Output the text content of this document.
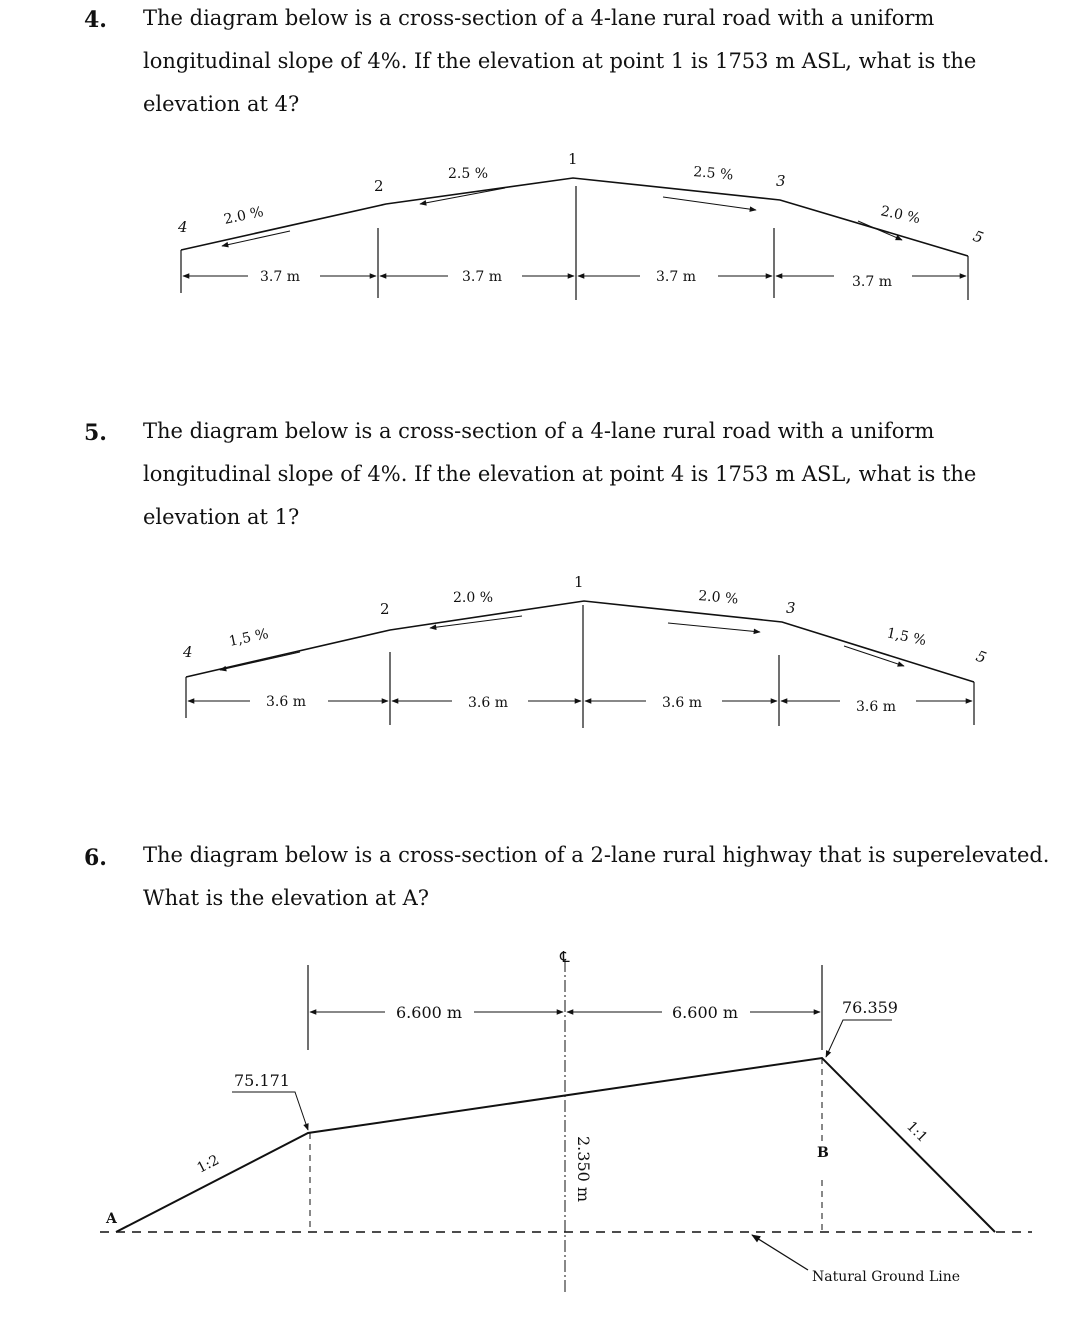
4. The diagram below is a cross-section of a 4-lane rural road with a uniform longitudinal slope of 4%. If the elevation at point 1 is 1753 m ASL, what is the elevation at 4?
4
2
1
3
5
2.0 %
2.5 %	2.5 %
2.0 %
3.7 m	3.7 m	3.7 m	3.7 m
5. The diagram below is a cross-section of a 4-lane rural road with a uniform longitudinal slope of 4%. If the elevation at point 4 is 1753 m ASL, what is the elevation at 1?
4
2
1
3
5
1,5 %
2.0 %	2.0 %
1,5 %
3.6 m	3.6 m	3.6 m	3.6 m
6. The diagram below is a cross-section of a 2-lane rural highway that is superelevated. What is the elevation at A?
℄
6.600 m	6.600 m
75.171
76.359
1:2
1:1
A
B
2.350 m
Natural Ground Line
